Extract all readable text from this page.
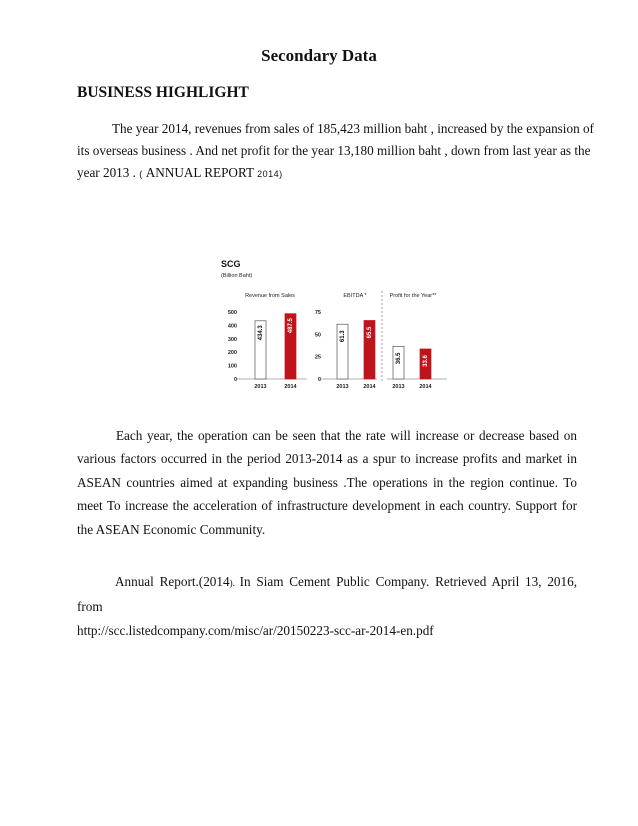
Secondary Data
BUSINESS HIGHLIGHT
The year 2014, revenues from sales of 185,423 million baht , increased by the expansion of
its overseas business . And net profit for the year 13,180 million baht , down from last year as the
year 2013 . ( ANNUAL REPORT 2014)
SCG
(Billion Baht)
Revenue from Sales
500
400
300
200
100
0
434.3
2013
487.5
2014
EBITDA *
75
50
25
0
61.3
2013
65.5
2014
Profit for the Year**
36.5
2013
33.6
2014
Each year, the operation can be seen that the rate will increase or decrease based on various factors occurred in the period 2013-2014 as a spur to increase profits and market in ASEAN countries aimed at expanding business .The operations in the region continue. To meet To increase the acceleration of infrastructure development in each country. Support for the ASEAN Economic Community.
Annual Report.(2014). In Siam Cement Public Company. Retrieved April 13, 2016, from
http://scc.listedcompany.com/misc/ar/20150223-scc-ar-2014-en.pdf
